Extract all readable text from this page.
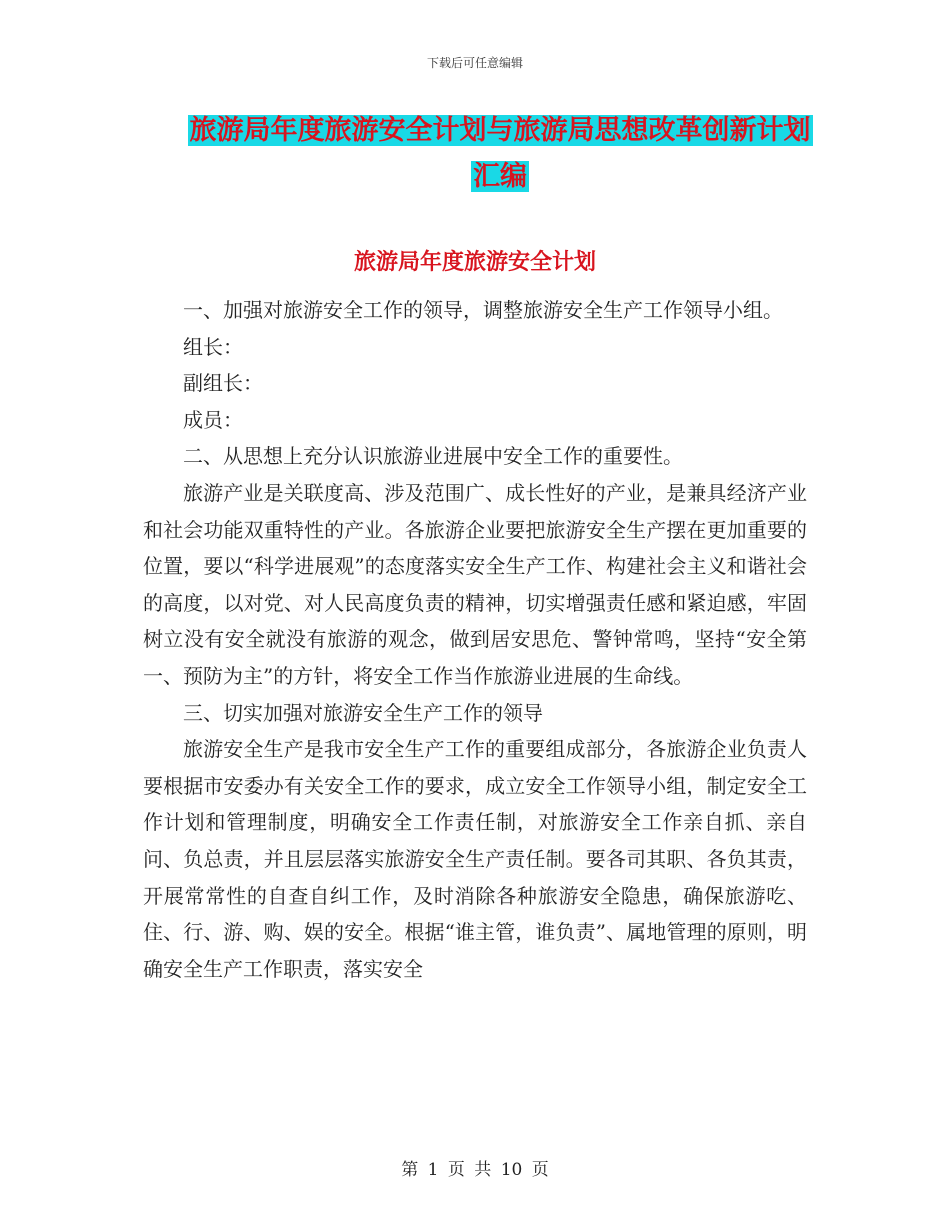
下载后可任意编辑
旅游局年度旅游安全计划与旅游局思想改革创新计划
汇编
旅游局年度旅游安全计划

一、加强对旅游安全工作的领导，调整旅游安全生产工作领导小组。

组长：

副组长：

成员：

二、从思想上充分认识旅游业进展中安全工作的重要性。

旅游产业是关联度高、涉及范围广、成长性好的产业，是兼具经济产业和社会功能双重特性的产业。各旅游企业要把旅游安全生产摆在更加重要的位置，要以“科学进展观”的态度落实安全生产工作、构建社会主义和谐社会的高度，以对党、对人民高度负责的精神，切实增强责任感和紧迫感，牢固树立没有安全就没有旅游的观念，做到居安思危、警钟常鸣，坚持“安全第一、预防为主”的方针，将安全工作当作旅游业进展的生命线。

三、切实加强对旅游安全生产工作的领导

旅游安全生产是我市安全生产工作的重要组成部分，各旅游企业负责人要根据市安委办有关安全工作的要求，成立安全工作领导小组，制定安全工作计划和管理制度，明确安全工作责任制，对旅游安全工作亲自抓、亲自问、负总责，并且层层落实旅游安全生产责任制。要各司其职、各负其责，开展常常性的自查自纠工作，及时消除各种旅游安全隐患，确保旅游吃、住、行、游、购、娱的安全。根据“谁主管，谁负责”、属地管理的原则，明确安全生产工作职责，落实安全

第 1 页 共 10 页
